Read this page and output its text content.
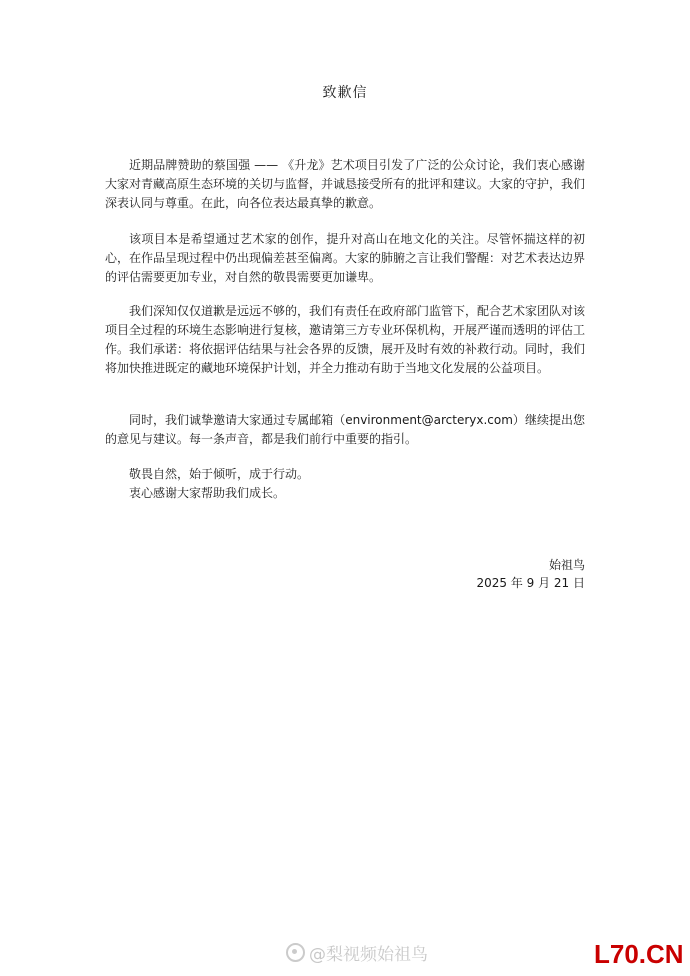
致歉信
近期品牌赞助的蔡国强 —— 《升龙》艺术项目引发了广泛的公众讨论，我们衷心感谢大家对青藏高原生态环境的关切与监督，并诚恳接受所有的批评和建议。大家的守护，我们深表认同与尊重。在此，向各位表达最真挚的歉意。
该项目本是希望通过艺术家的创作，提升对高山在地文化的关注。尽管怀揣这样的初心，在作品呈现过程中仍出现偏差甚至偏离。大家的肺腑之言让我们警醒：对艺术表达边界的评估需要更加专业，对自然的敬畏需要更加谦卑。
我们深知仅仅道歉是远远不够的，我们有责任在政府部门监管下，配合艺术家团队对该项目全过程的环境生态影响进行复核，邀请第三方专业环保机构，开展严谨而透明的评估工作。我们承诺：将依据评估结果与社会各界的反馈，展开及时有效的补救行动。同时，我们将加快推进既定的藏地环境保护计划，并全力推动有助于当地文化发展的公益项目。
同时，我们诚挚邀请大家通过专属邮箱（environment@arcteryx.com）继续提出您的意见与建议。每一条声音，都是我们前行中重要的指引。
敬畏自然，始于倾听，成于行动。
衷心感谢大家帮助我们成长。
始祖鸟
2025 年 9 月 21 日
@梨视频始祖鸟	L70.CN
